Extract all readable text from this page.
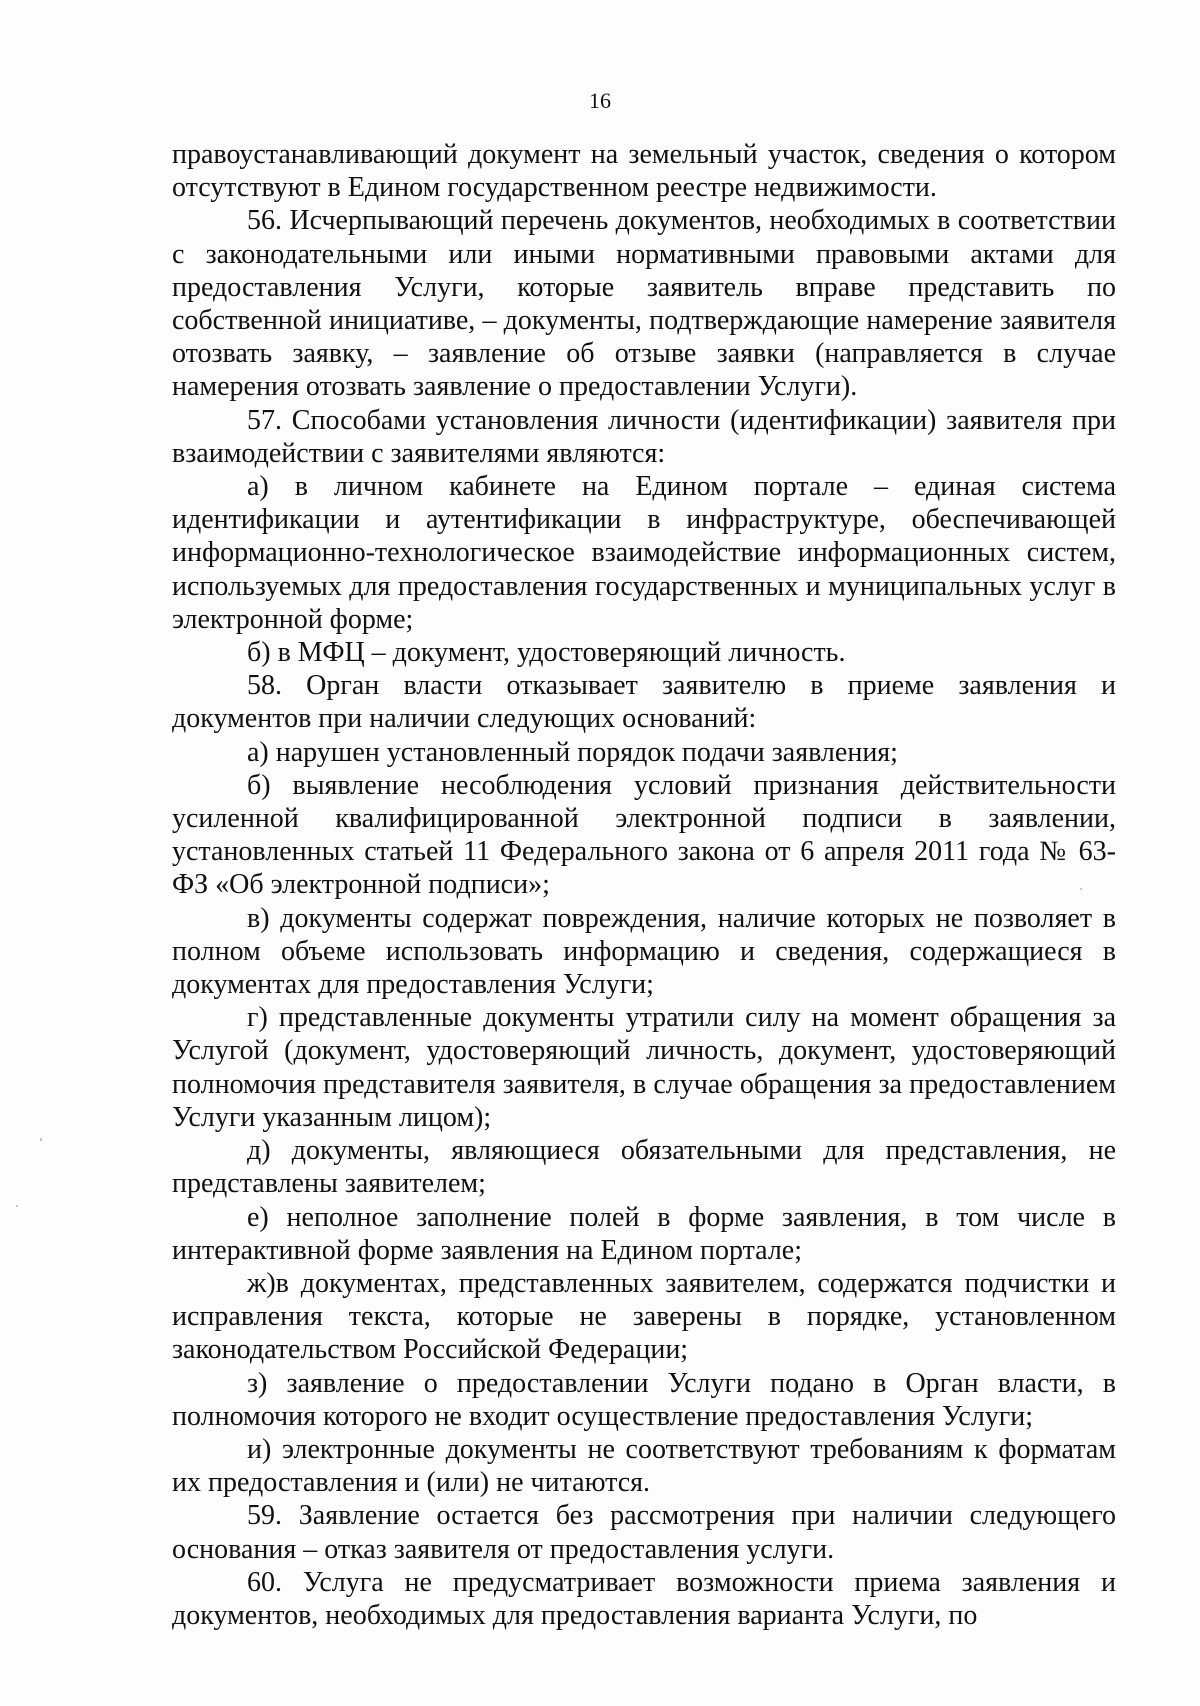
16

правоустанавливающий документ на земельный участок, сведения о котором отсутствуют в Едином государственном реестре недвижимости.

56. Исчерпывающий перечень документов, необходимых в соответствии с законодательными или иными нормативными правовыми актами для предоставления Услуги, которые заявитель вправе представить по собственной инициативе, – документы, подтверждающие намерение заявителя отозвать заявку, – заявление об отзыве заявки (направляется в случае намерения отозвать заявление о предоставлении Услуги).

57. Способами установления личности (идентификации) заявителя при взаимодействии с заявителями являются:

а) в личном кабинете на Едином портале – единая система идентификации и аутентификации в инфраструктуре, обеспечивающей информационно-технологическое взаимодействие информационных систем, используемых для предоставления государственных и муниципальных услуг в электронной форме;

б) в МФЦ – документ, удостоверяющий личность.

58. Орган власти отказывает заявителю в приеме заявления и документов при наличии следующих оснований:

а) нарушен установленный порядок подачи заявления;

б) выявление несоблюдения условий признания действительности усиленной квалифицированной электронной подписи в заявлении, установленных статьей 11 Федерального закона от 6 апреля 2011 года № 63-ФЗ «Об электронной подписи»;

в) документы содержат повреждения, наличие которых не позволяет в полном объеме использовать информацию и сведения, содержащиеся в документах для предоставления Услуги;

г) представленные документы утратили силу на момент обращения за Услугой (документ, удостоверяющий личность, документ, удостоверяющий полномочия представителя заявителя, в случае обращения за предоставлением Услуги указанным лицом);

д) документы, являющиеся обязательными для представления, не представлены заявителем;

е) неполное заполнение полей в форме заявления, в том числе в интерактивной форме заявления на Едином портале;

ж)в документах, представленных заявителем, содержатся подчистки и исправления текста, которые не заверены в порядке, установленном законодательством Российской Федерации;

з) заявление о предоставлении Услуги подано в Орган власти, в полномочия которого не входит осуществление предоставления Услуги;

и) электронные документы не соответствуют требованиям к форматам их предоставления и (или) не читаются.

59. Заявление остается без рассмотрения при наличии следующего основания – отказ заявителя от предоставления услуги.

60. Услуга не предусматривает возможности приема заявления и документов, необходимых для предоставления варианта Услуги, по
